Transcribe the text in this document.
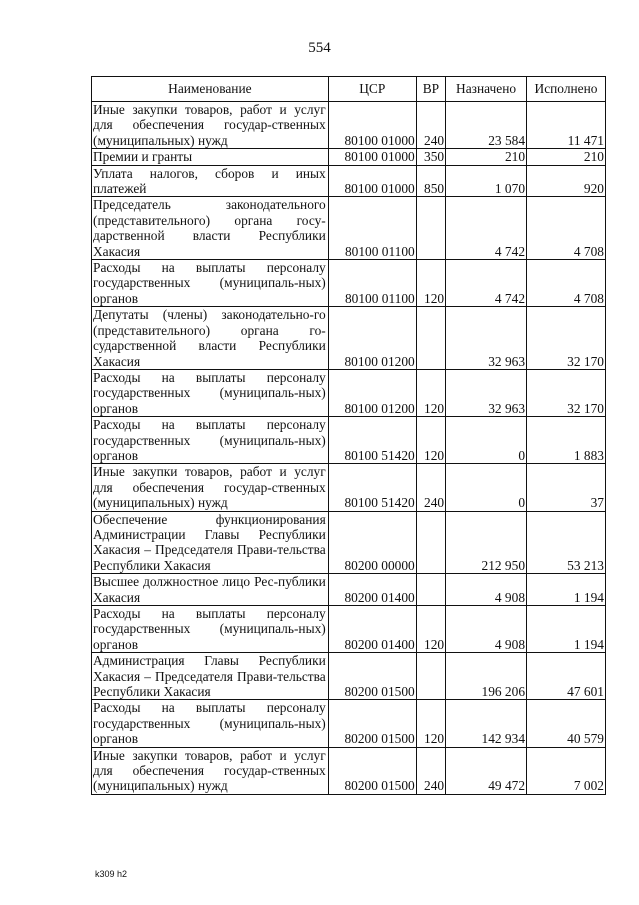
554
Наименование	ЦСР	ВР	Назначено	Исполнено
Иные закупки товаров, работ и услуг для обеспечения государ-ственных (муниципальных) нужд	80100 01000	240	23 584	11 471
Премии и гранты	80100 01000	350	210	210
Уплата налогов, сборов и иных платежей	80100 01000	850	1 070	920
Председатель законодательного (представительного) органа госу-дарственной власти Республики Хакасия	80100 01100		4 742	4 708
Расходы на выплаты персоналу государственных (муниципаль-ных) органов	80100 01100	120	4 742	4 708
Депутаты (члены) законодательно-го (представительного) органа го-сударственной власти Республики Хакасия	80100 01200		32 963	32 170
Расходы на выплаты персоналу государственных (муниципаль-ных) органов	80100 01200	120	32 963	32 170
Расходы на выплаты персоналу государственных (муниципаль-ных) органов	80100 51420	120	0	1 883
Иные закупки товаров, работ и услуг для обеспечения государ-ственных (муниципальных) нужд	80100 51420	240	0	37
Обеспечение функционирования Администрации Главы Республики Хакасия – Председателя Прави-тельства Республики Хакасия	80200 00000		212 950	53 213
Высшее должностное лицо Рес-публики Хакасия	80200 01400		4 908	1 194
Расходы на выплаты персоналу государственных (муниципаль-ных) органов	80200 01400	120	4 908	1 194
Администрация Главы Республики Хакасия – Председателя Прави-тельства Республики Хакасия	80200 01500		196 206	47 601
Расходы на выплаты персоналу государственных (муниципаль-ных) органов	80200 01500	120	142 934	40 579
Иные закупки товаров, работ и услуг для обеспечения государ-ственных (муниципальных) нужд	80200 01500	240	49 472	7 002
k309 h2
